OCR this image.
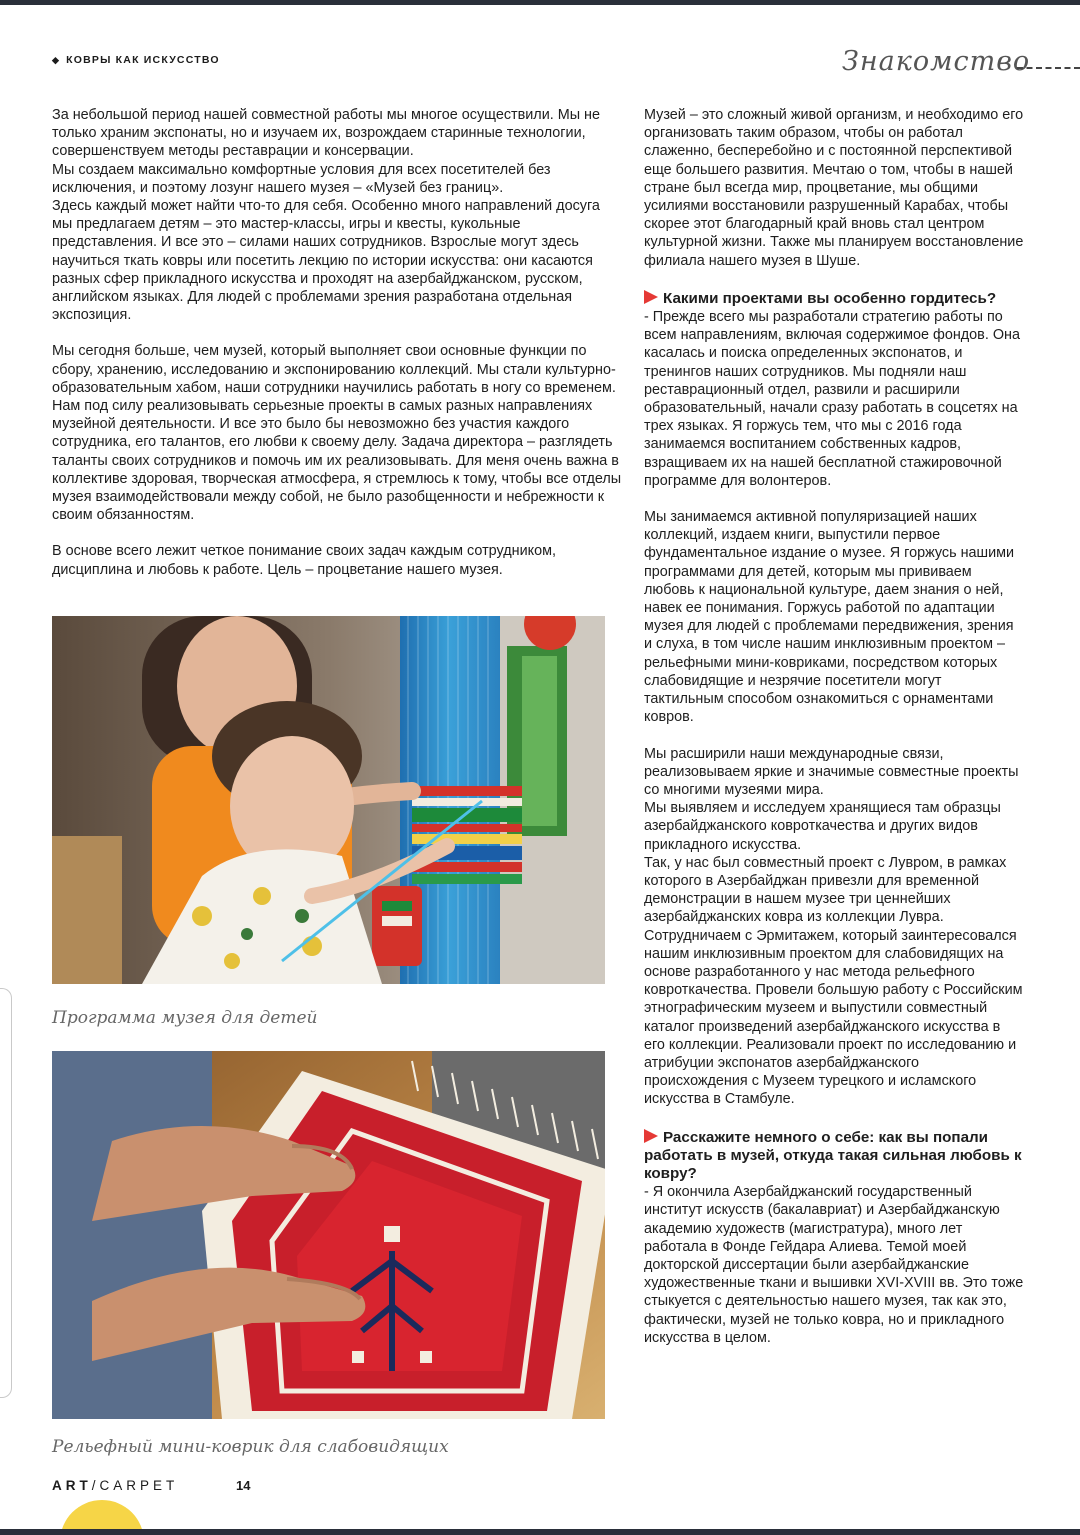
◆ КОВРЫ КАК ИСКУССТВО	Знакомство

За небольшой период нашей совместной работы мы многое осуществили. Мы не только храним экспонаты, но и изучаем их, возрождаем старинные технологии, совершенствуем методы реставрации и консервации.

Мы создаем максимально комфортные условия для всех посетителей без исключения, и поэтому лозунг нашего музея – «Музей без границ».

Здесь каждый может найти что-то для себя. Особенно много направлений досуга мы предлагаем детям – это мастер-классы, игры и квесты, кукольные представления. И все это – силами наших сотрудников. Взрослые могут здесь научиться ткать ковры или посетить лекцию по истории искусства: они касаются разных сфер прикладного искусства и проходят на азербайджанском, русском, английском языках. Для людей с проблемами зрения разработана отдельная экспозиция.

Мы сегодня больше, чем музей, который выполняет свои основные функции по сбору, хранению, исследованию и экспонированию коллекций. Мы стали культурно-образовательным хабом, наши сотрудники научились работать в ногу со временем. Нам под силу реализовывать серьезные проекты в самых разных направлениях музейной деятельности. И все это было бы невозможно без участия каждого сотрудника, его талантов, его любви к своему делу. Задача директора – разглядеть таланты своих сотрудников и помочь им их реализовывать. Для меня очень важна в коллективе здоровая, творческая атмосфера, я стремлюсь к тому, чтобы все отделы музея взаимодействовали между собой, не было разобщенности и небрежности к своим обязанностям.

В основе всего лежит четкое понимание своих задач каждым сотрудником, дисциплина и любовь к работе. Цель – процветание нашего музея.

Программа музея для детей
Рельефный мини-коврик для слабовидящих

Музей – это сложный живой организм, и необходимо его организовать таким образом, чтобы он работал слаженно, бесперебойно и с постоянной перспективой еще большего развития. Мечтаю о том, чтобы в нашей стране был всегда мир, процветание, мы общими усилиями восстановили разрушенный Карабах, чтобы скорее этот благодарный край вновь стал центром культурной жизни. Также мы планируем восстановление филиала нашего музея в Шуше.

Какими проектами вы особенно гордитесь?

- Прежде всего мы разработали стратегию работы по всем направлениям, включая содержимое фондов. Она касалась и поиска определенных экспонатов, и тренингов наших сотрудников. Мы подняли наш реставрационный отдел, развили и расширили образовательный, начали сразу работать в соцсетях на трех языках. Я горжусь тем, что мы с 2016 года занимаемся воспитанием собственных кадров, взращиваем их на нашей бесплатной стажировочной программе для волонтеров.

Мы занимаемся активной популяризацией наших коллекций, издаем книги, выпустили первое фундаментальное издание о музее. Я горжусь нашими программами для детей, которым мы прививаем любовь к национальной культуре, даем знания о ней, навек ее понимания. Горжусь работой по адаптации музея для людей с проблемами передвижения, зрения и слуха, в том числе нашим инклюзивным проектом – рельефными мини-ковриками, посредством которых слабовидящие и незрячие посетители могут тактильным способом ознакомиться с орнаментами ковров.

Мы расширили наши международные связи, реализовываем яркие и значимые совместные проекты со многими музеями мира.

Мы выявляем и исследуем хранящиеся там образцы азербайджанского ковроткачества и других видов прикладного искусства.

Так, у нас был совместный проект с Лувром, в рамках которого в Азербайджан привезли для временной демонстрации в нашем музее три ценнейших азербайджанских ковра из коллекции Лувра. Сотрудничаем с Эрмитажем, который заинтересовался нашим инклюзивным проектом для слабовидящих на основе разработанного у нас метода рельефного ковроткачества. Провели большую работу с Российским этнографическим музеем и выпустили совместный каталог произведений азербайджанского искусства в его коллекции. Реализовали проект по исследованию и атрибуции экспонатов азербайджанского происхождения с Музеем турецкого и исламского искусства в Стамбуле.

Расскажите немного о себе: как вы попали работать в музей, откуда такая сильная любовь к ковру?

- Я окончила Азербайджанский государственный институт искусств (бакалавриат) и Азербайджанскую академию художеств (магистратура), много лет работала в Фонде Гейдара Алиева. Темой моей докторской диссертации были азербайджанские художественные ткани и вышивки XVI-XVIII вв. Это тоже стыкуется с деятельностью нашего музея, так как это, фактически, музей не только ковра, но и прикладного искусства в целом.

ART/CARPET	14
